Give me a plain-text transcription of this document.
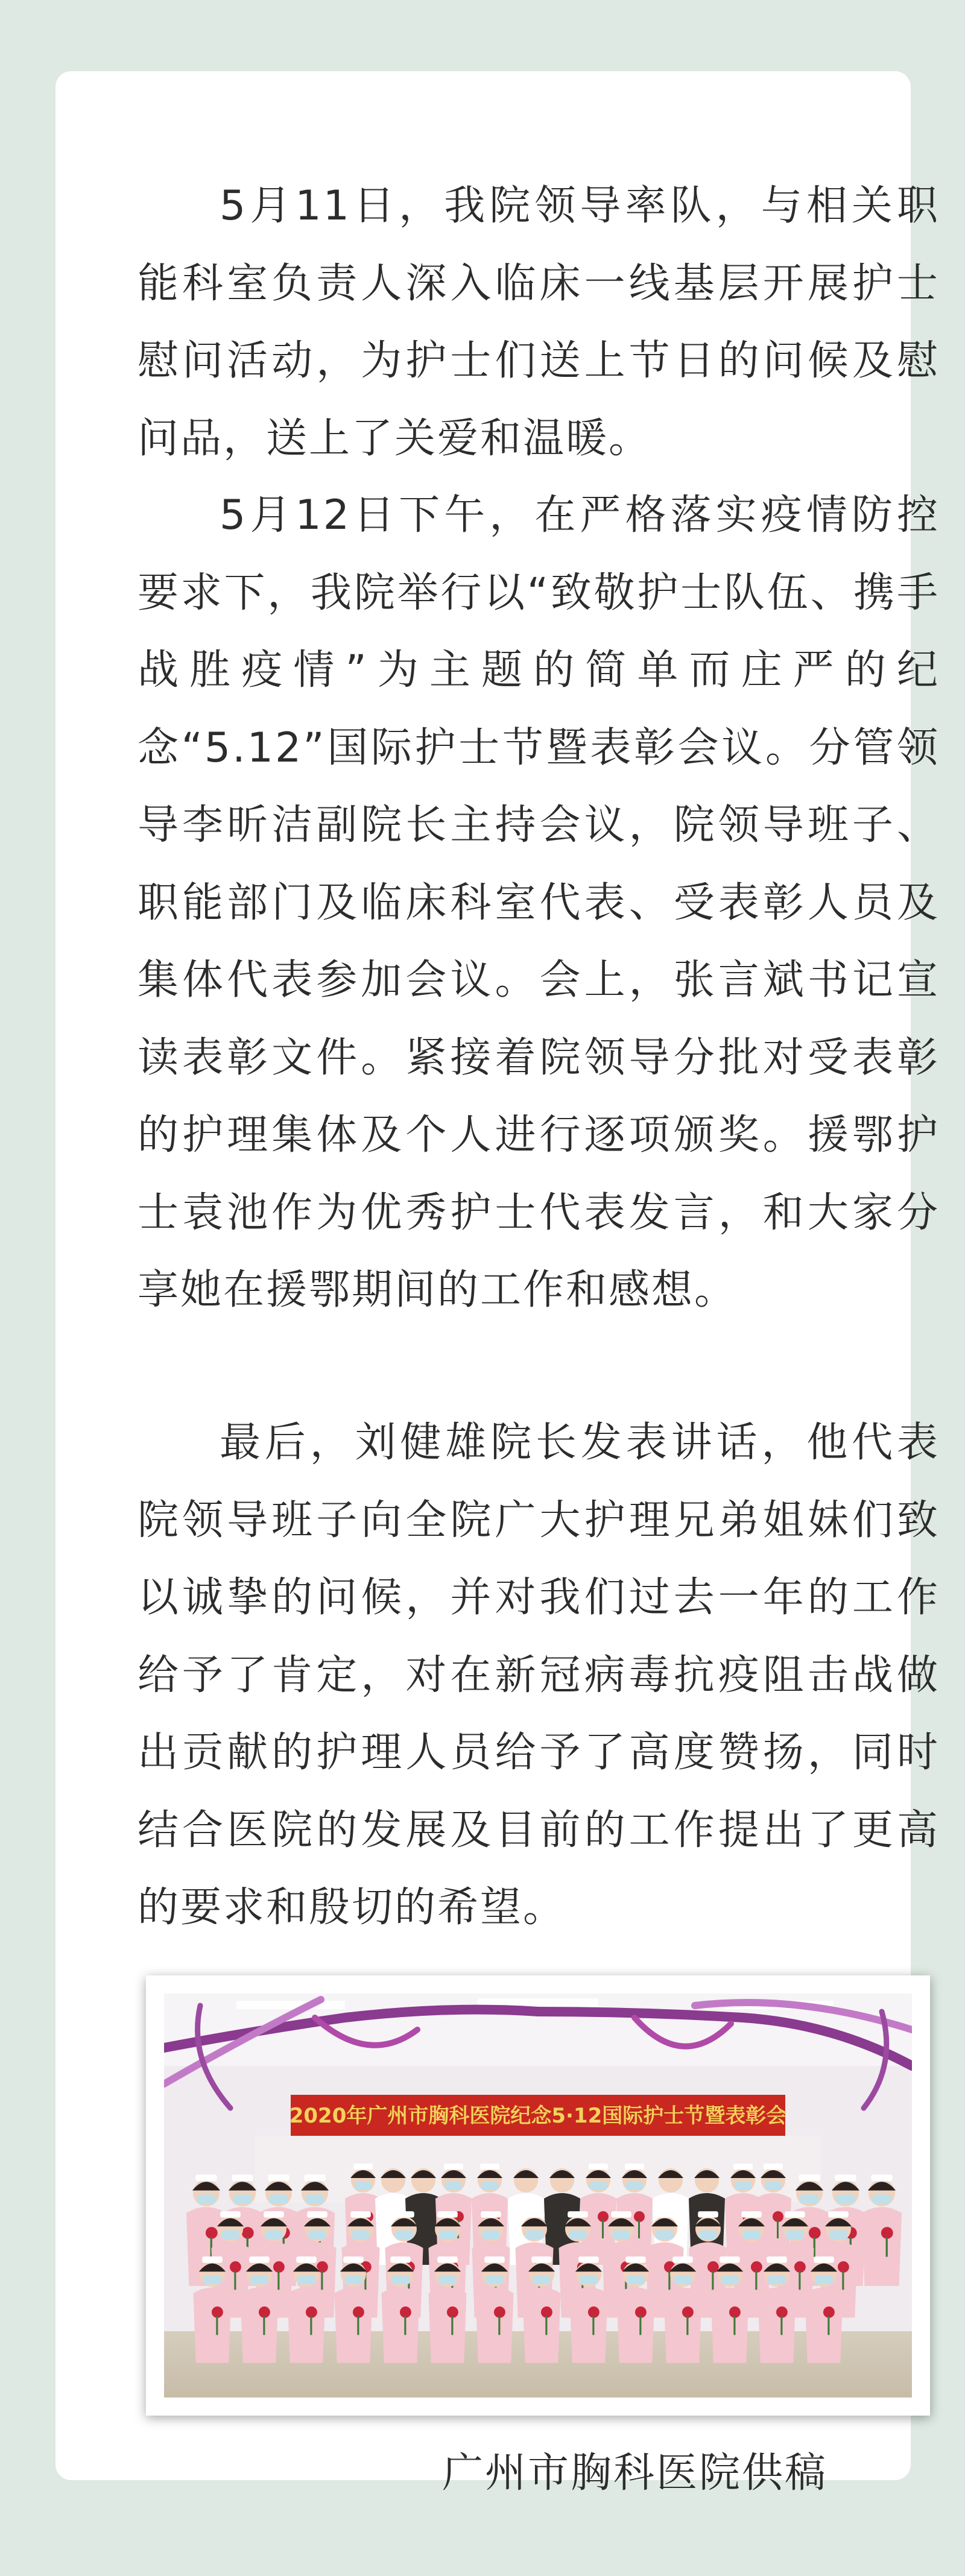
5月11日，我院领导率队，与相关职能科室负责人深入临床一线基层开展护士慰问活动，为护士们送上节日的问候及慰问品，送上了关爱和温暖。

5月12日下午，在严格落实疫情防控要求下，我院举行以“致敬护士队伍、携手战胜疫情”为主题的简单而庄严的纪念“5.12”国际护士节暨表彰会议。分管领导李昕洁副院长主持会议，院领导班子、职能部门及临床科室代表、受表彰人员及集体代表参加会议。会上，张言斌书记宣读表彰文件。紧接着院领导分批对受表彰的护理集体及个人进行逐项颁奖。援鄂护士袁池作为优秀护士代表发言，和大家分享她在援鄂期间的工作和感想。

最后，刘健雄院长发表讲话，他代表院领导班子向全院广大护理兄弟姐妹们致以诚挚的问候，并对我们过去一年的工作给予了肯定，对在新冠病毒抗疫阻击战做出贡献的护理人员给予了高度赞扬，同时结合医院的发展及目前的工作提出了更高的要求和殷切的希望。

2020年广州市胸科医院纪念5·12国际护士节暨表彰会
广州市胸科医院供稿
